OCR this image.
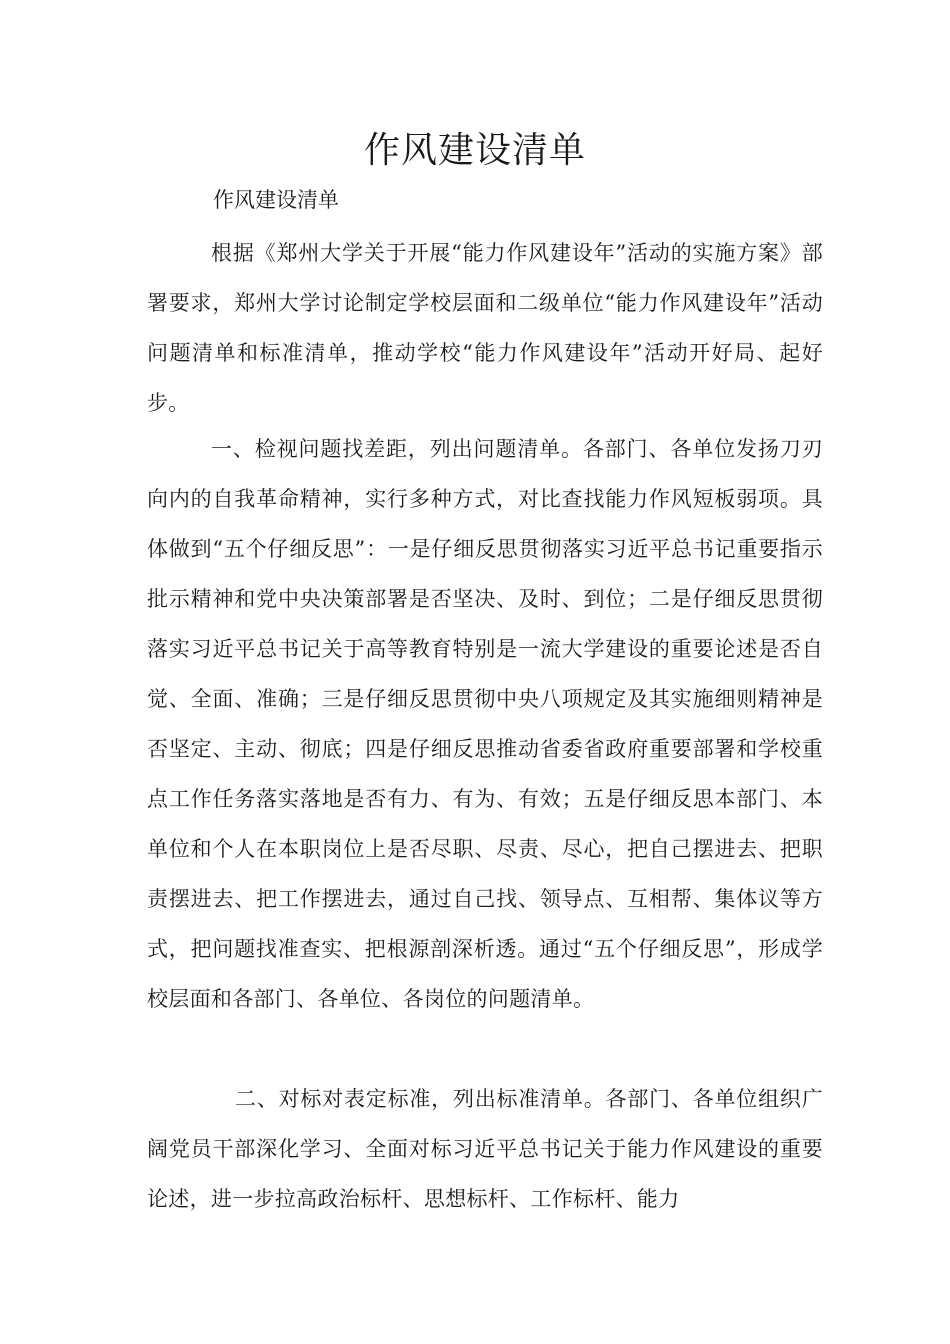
作风建设清单

作风建设清单

根据《郑州大学关于开展“能力作风建设年”活动的实施方案》部署要求，郑州大学讨论制定学校层面和二级单位“能力作风建设年”活动问题清单和标准清单，推动学校“能力作风建设年”活动开好局、起好步。

一、检视问题找差距，列出问题清单。各部门、各单位发扬刀刃向内的自我革命精神，实行多种方式，对比查找能力作风短板弱项。具体做到“五个仔细反思”：一是仔细反思贯彻落实习近平总书记重要指示批示精神和党中央决策部署是否坚决、及时、到位；二是仔细反思贯彻落实习近平总书记关于高等教育特别是一流大学建设的重要论述是否自觉、全面、准确；三是仔细反思贯彻中央八项规定及其实施细则精神是否坚定、主动、彻底；四是仔细反思推动省委省政府重要部署和学校重点工作任务落实落地是否有力、有为、有效；五是仔细反思本部门、本单位和个人在本职岗位上是否尽职、尽责、尽心，把自己摆进去、把职责摆进去、把工作摆进去，通过自己找、领导点、互相帮、集体议等方式，把问题找准查实、把根源剖深析透。通过“五个仔细反思”，形成学校层面和各部门、各单位、各岗位的问题清单。

二、对标对表定标准，列出标准清单。各部门、各单位组织广阔党员干部深化学习、全面对标习近平总书记关于能力作风建设的重要论述，进一步拉高政治标杆、思想标杆、工作标杆、能力
